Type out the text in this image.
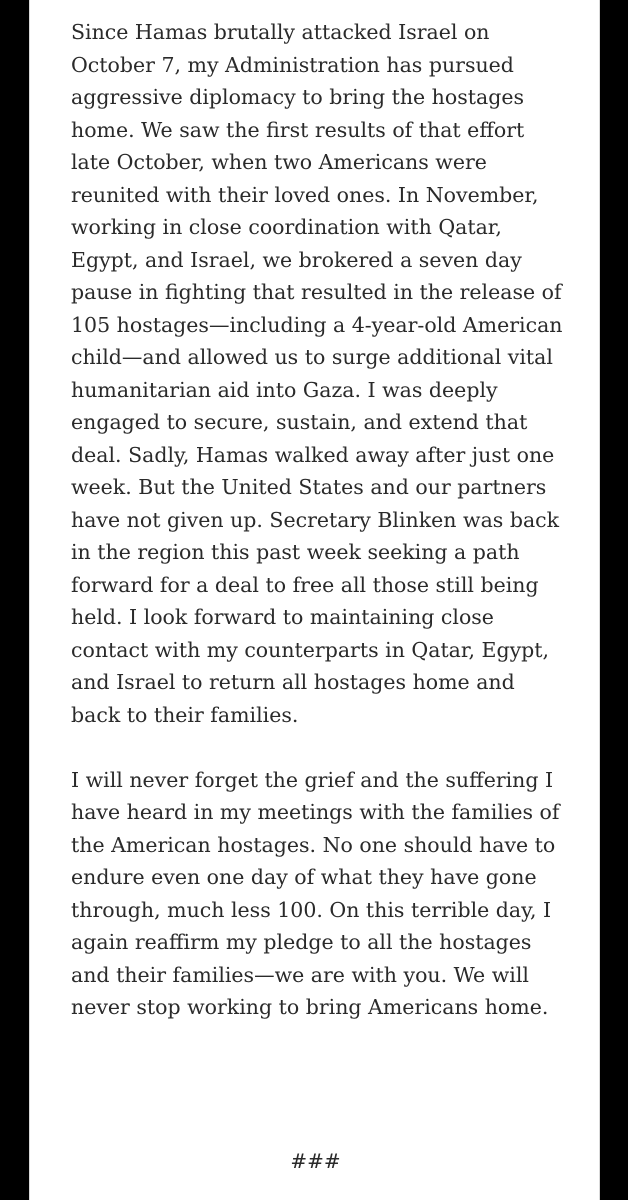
Since Hamas brutally attacked Israel on
October 7, my Administration has pursued
aggressive diplomacy to bring the hostages
home. We saw the first results of that effort
late October, when two Americans were
reunited with their loved ones. In November,
working in close coordination with Qatar,
Egypt, and Israel, we brokered a seven day
pause in fighting that resulted in the release of
105 hostages—including a 4-year-old American
child—and allowed us to surge additional vital
humanitarian aid into Gaza. I was deeply
engaged to secure, sustain, and extend that
deal. Sadly, Hamas walked away after just one
week. But the United States and our partners
have not given up. Secretary Blinken was back
in the region this past week seeking a path
forward for a deal to free all those still being
held. I look forward to maintaining close
contact with my counterparts in Qatar, Egypt,
and Israel to return all hostages home and
back to their families.
I will never forget the grief and the suffering I
have heard in my meetings with the families of
the American hostages. No one should have to
endure even one day of what they have gone
through, much less 100. On this terrible day, I
again reaffirm my pledge to all the hostages
and their families—we are with you. We will
never stop working to bring Americans home.
###
